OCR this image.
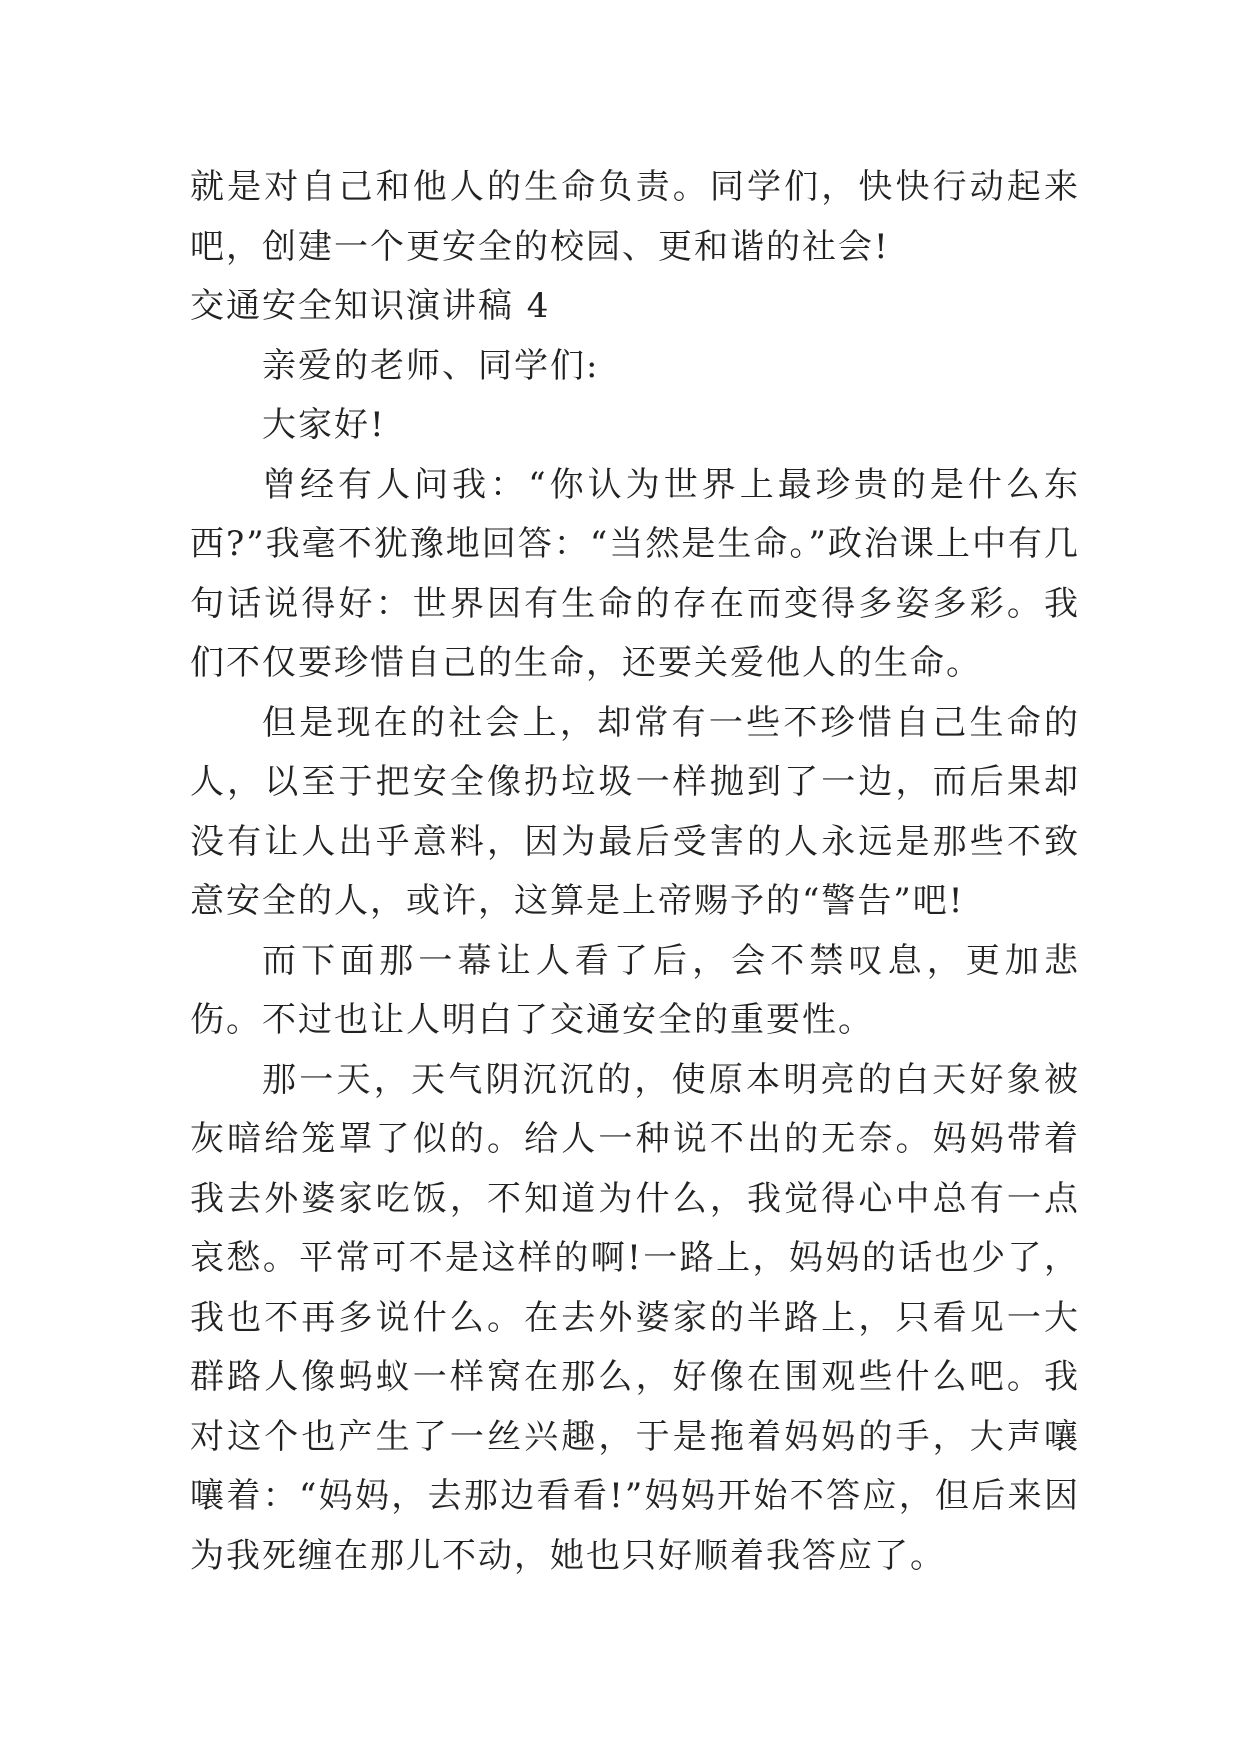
就是对自己和他人的生命负责。同学们，快快行动起来吧，创建一个更安全的校园、更和谐的社会!

交通安全知识演讲稿 4

亲爱的老师、同学们:

大家好!

曾经有人问我：“你认为世界上最珍贵的是什么东西?”我毫不犹豫地回答：“当然是生命。”政治课上中有几句话说得好：世界因有生命的存在而变得多姿多彩。我们不仅要珍惜自己的生命，还要关爱他人的生命。

但是现在的社会上，却常有一些不珍惜自己生命的人，以至于把安全像扔垃圾一样抛到了一边，而后果却没有让人出乎意料，因为最后受害的人永远是那些不致意安全的人，或许，这算是上帝赐予的“警告”吧!

而下面那一幕让人看了后，会不禁叹息，更加悲伤。不过也让人明白了交通安全的重要性。

那一天，天气阴沉沉的，使原本明亮的白天好象被灰暗给笼罩了似的。给人一种说不出的无奈。妈妈带着我去外婆家吃饭，不知道为什么，我觉得心中总有一点哀愁。平常可不是这样的啊!一路上，妈妈的话也少了，我也不再多说什么。在去外婆家的半路上，只看见一大群路人像蚂蚁一样窝在那么，好像在围观些什么吧。我对这个也产生了一丝兴趣，于是拖着妈妈的手，大声嚷嚷着：“妈妈，去那边看看!”妈妈开始不答应，但后来因为我死缠在那儿不动，她也只好顺着我答应了。
